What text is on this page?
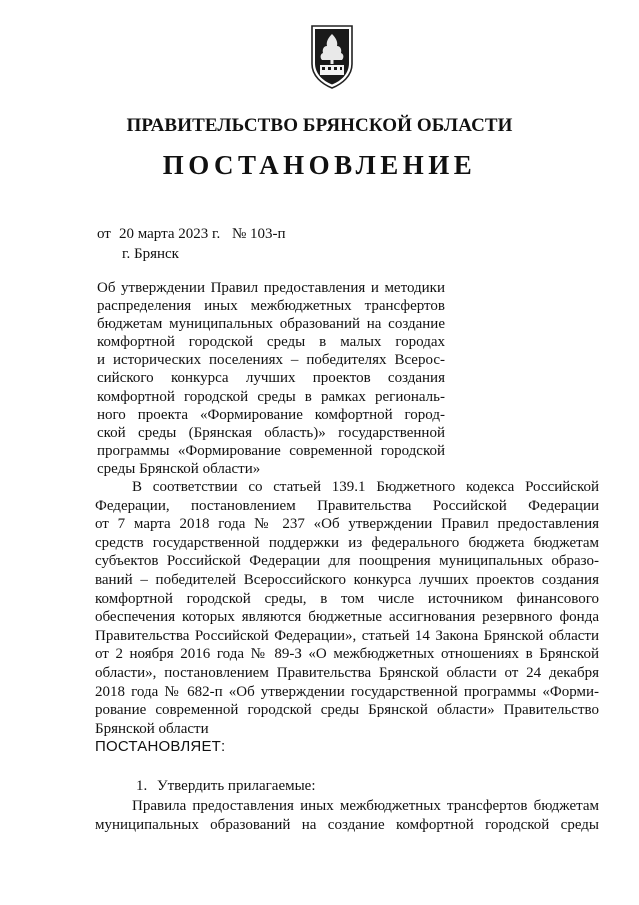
ПРАВИТЕЛЬСТВО БРЯНСКОЙ ОБЛАСТИ
ПОСТАНОВЛЕНИЕ
от 20 марта 2023 г. № 103-п
г. Брянск
Об утверждении Правил предоставления и методики
распределения иных межбюджетных трансфертов
бюджетам муниципальных образований на создание
комфортной городской среды в малых городах
и исторических поселениях – победителях Всерос-
сийского конкурса лучших проектов создания
комфортной городской среды в рамках региональ-
ного проекта «Формирование комфортной город-
ской среды (Брянская область)» государственной
программы «Формирование современной городской
среды Брянской области»
В соответствии со статьей 139.1 Бюджетного кодекса Российской
Федерации, постановлением Правительства Российской Федерации
от 7 марта 2018 года № 237 «Об утверждении Правил предоставления
средств государственной поддержки из федерального бюджета бюджетам
субъектов Российской Федерации для поощрения муниципальных образо-
ваний – победителей Всероссийского конкурса лучших проектов создания
комфортной городской среды, в том числе источником финансового
обеспечения которых являются бюджетные ассигнования резервного фонда
Правительства Российской Федерации», статьей 14 Закона Брянской области
от 2 ноября 2016 года № 89-З «О межбюджетных отношениях в Брянской
области», постановлением Правительства Брянской области от 24 декабря
2018 года № 682-п «Об утверждении государственной программы «Форми-
рование современной городской среды Брянской области» Правительство
Брянской области
ПОСТАНОВЛЯЕТ:
1. Утвердить прилагаемые:
Правила предоставления иных межбюджетных трансфертов бюджетам
муниципальных образований на создание комфортной городской среды
